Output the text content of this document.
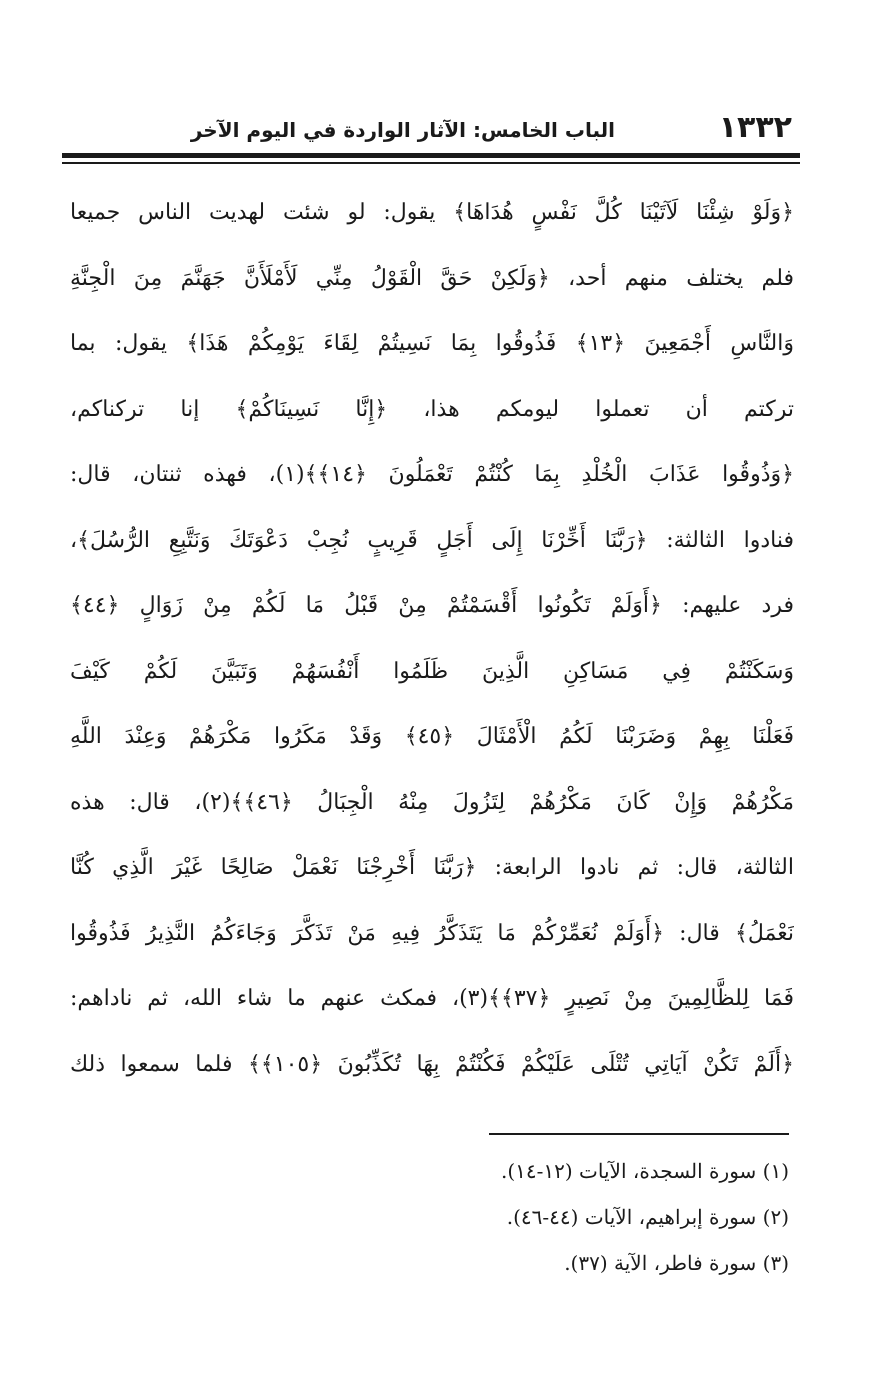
١٣٣٢
الباب الخامس: الآثار الواردة في اليوم الآخر
﴿وَلَوْ شِئْنَا لَآتَيْنَا كُلَّ نَفْسٍ هُدَاهَا﴾ يقول: لو شئت لهديت الناس جميعا
فلم يختلف منهم أحد، ﴿وَلَكِنْ حَقَّ الْقَوْلُ مِنِّي لَأَمْلَأَنَّ جَهَنَّمَ مِنَ الْجِنَّةِ
وَالنَّاسِ أَجْمَعِينَ ﴿١٣﴾ فَذُوقُوا بِمَا نَسِيتُمْ لِقَاءَ يَوْمِكُمْ هَذَا﴾ يقول: بما
تركتم أن تعملوا ليومكم هذا، ﴿إِنَّا نَسِينَاكُمْ﴾ إنا تركناكم،
﴿وَذُوقُوا عَذَابَ الْخُلْدِ بِمَا كُنْتُمْ تَعْمَلُونَ ﴿١٤﴾﴾(١)، فهذه ثنتان، قال:
فنادوا الثالثة: ﴿رَبَّنَا أَخِّرْنَا إِلَى أَجَلٍ قَرِيبٍ نُجِبْ دَعْوَتَكَ وَنَتَّبِعِ الرُّسُلَ﴾،
فرد عليهم: ﴿أَوَلَمْ تَكُونُوا أَقْسَمْتُمْ مِنْ قَبْلُ مَا لَكُمْ مِنْ زَوَالٍ ﴿٤٤﴾
وَسَكَنْتُمْ فِي مَسَاكِنِ الَّذِينَ ظَلَمُوا أَنْفُسَهُمْ وَتَبَيَّنَ لَكُمْ كَيْفَ
فَعَلْنَا بِهِمْ وَضَرَبْنَا لَكُمُ الْأَمْثَالَ ﴿٤٥﴾ وَقَدْ مَكَرُوا مَكْرَهُمْ وَعِنْدَ اللَّهِ
مَكْرُهُمْ وَإِنْ كَانَ مَكْرُهُمْ لِتَزُولَ مِنْهُ الْجِبَالُ ﴿٤٦﴾﴾(٢)، قال: هذه
الثالثة، قال: ثم نادوا الرابعة: ﴿رَبَّنَا أَخْرِجْنَا نَعْمَلْ صَالِحًا غَيْرَ الَّذِي كُنَّا
نَعْمَلُ﴾ قال: ﴿أَوَلَمْ نُعَمِّرْكُمْ مَا يَتَذَكَّرُ فِيهِ مَنْ تَذَكَّرَ وَجَاءَكُمُ النَّذِيرُ فَذُوقُوا
فَمَا لِلظَّالِمِينَ مِنْ نَصِيرٍ ﴿٣٧﴾﴾(٣)، فمكث عنهم ما شاء الله، ثم ناداهم:
﴿أَلَمْ تَكُنْ آيَاتِي تُتْلَى عَلَيْكُمْ فَكُنْتُمْ بِهَا تُكَذِّبُونَ ﴿١٠٥﴾﴾ فلما سمعوا ذلك
(١) سورة السجدة، الآيات (١٢-١٤).
(٢) سورة إبراهيم، الآيات (٤٤-٤٦).
(٣) سورة فاطر، الآية (٣٧).
